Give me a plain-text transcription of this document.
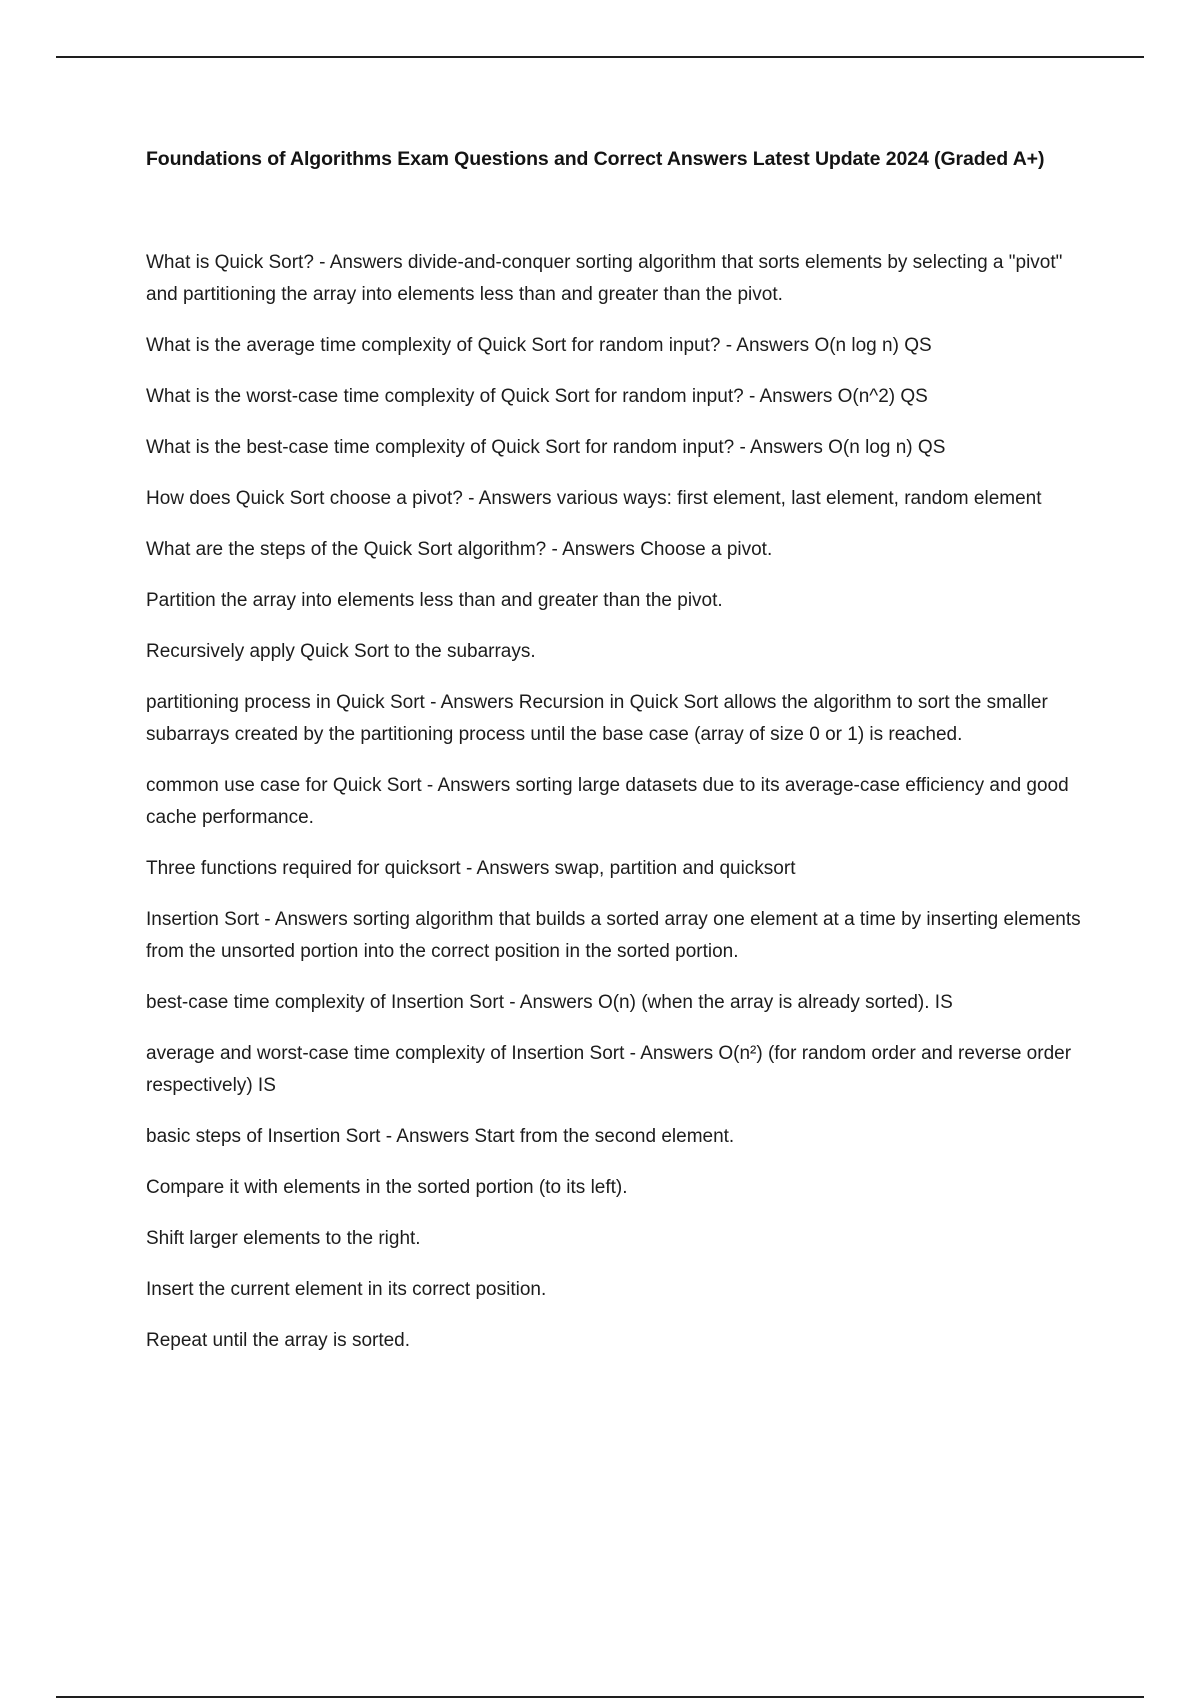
Foundations of Algorithms Exam Questions and Correct Answers Latest Update 2024 (Graded A+)

What is Quick Sort? - Answers divide-and-conquer sorting algorithm that sorts elements by selecting a "pivot" and partitioning the array into elements less than and greater than the pivot.

What is the average time complexity of Quick Sort for random input? - Answers O(n log n) QS

What is the worst-case time complexity of Quick Sort for random input? - Answers O(n^2) QS

What is the best-case time complexity of Quick Sort for random input? - Answers O(n log n) QS

How does Quick Sort choose a pivot? - Answers various ways: first element, last element, random element

What are the steps of the Quick Sort algorithm? - Answers Choose a pivot.

Partition the array into elements less than and greater than the pivot.

Recursively apply Quick Sort to the subarrays.

partitioning process in Quick Sort - Answers Recursion in Quick Sort allows the algorithm to sort the smaller subarrays created by the partitioning process until the base case (array of size 0 or 1) is reached.

common use case for Quick Sort - Answers sorting large datasets due to its average-case efficiency and good cache performance.

Three functions required for quicksort - Answers swap, partition and quicksort

Insertion Sort - Answers sorting algorithm that builds a sorted array one element at a time by inserting elements from the unsorted portion into the correct position in the sorted portion.

best-case time complexity of Insertion Sort - Answers O(n) (when the array is already sorted). IS

average and worst-case time complexity of Insertion Sort - Answers O(n²) (for random order and reverse order respectively) IS

basic steps of Insertion Sort - Answers Start from the second element.

Compare it with elements in the sorted portion (to its left).

Shift larger elements to the right.

Insert the current element in its correct position.

Repeat until the array is sorted.
